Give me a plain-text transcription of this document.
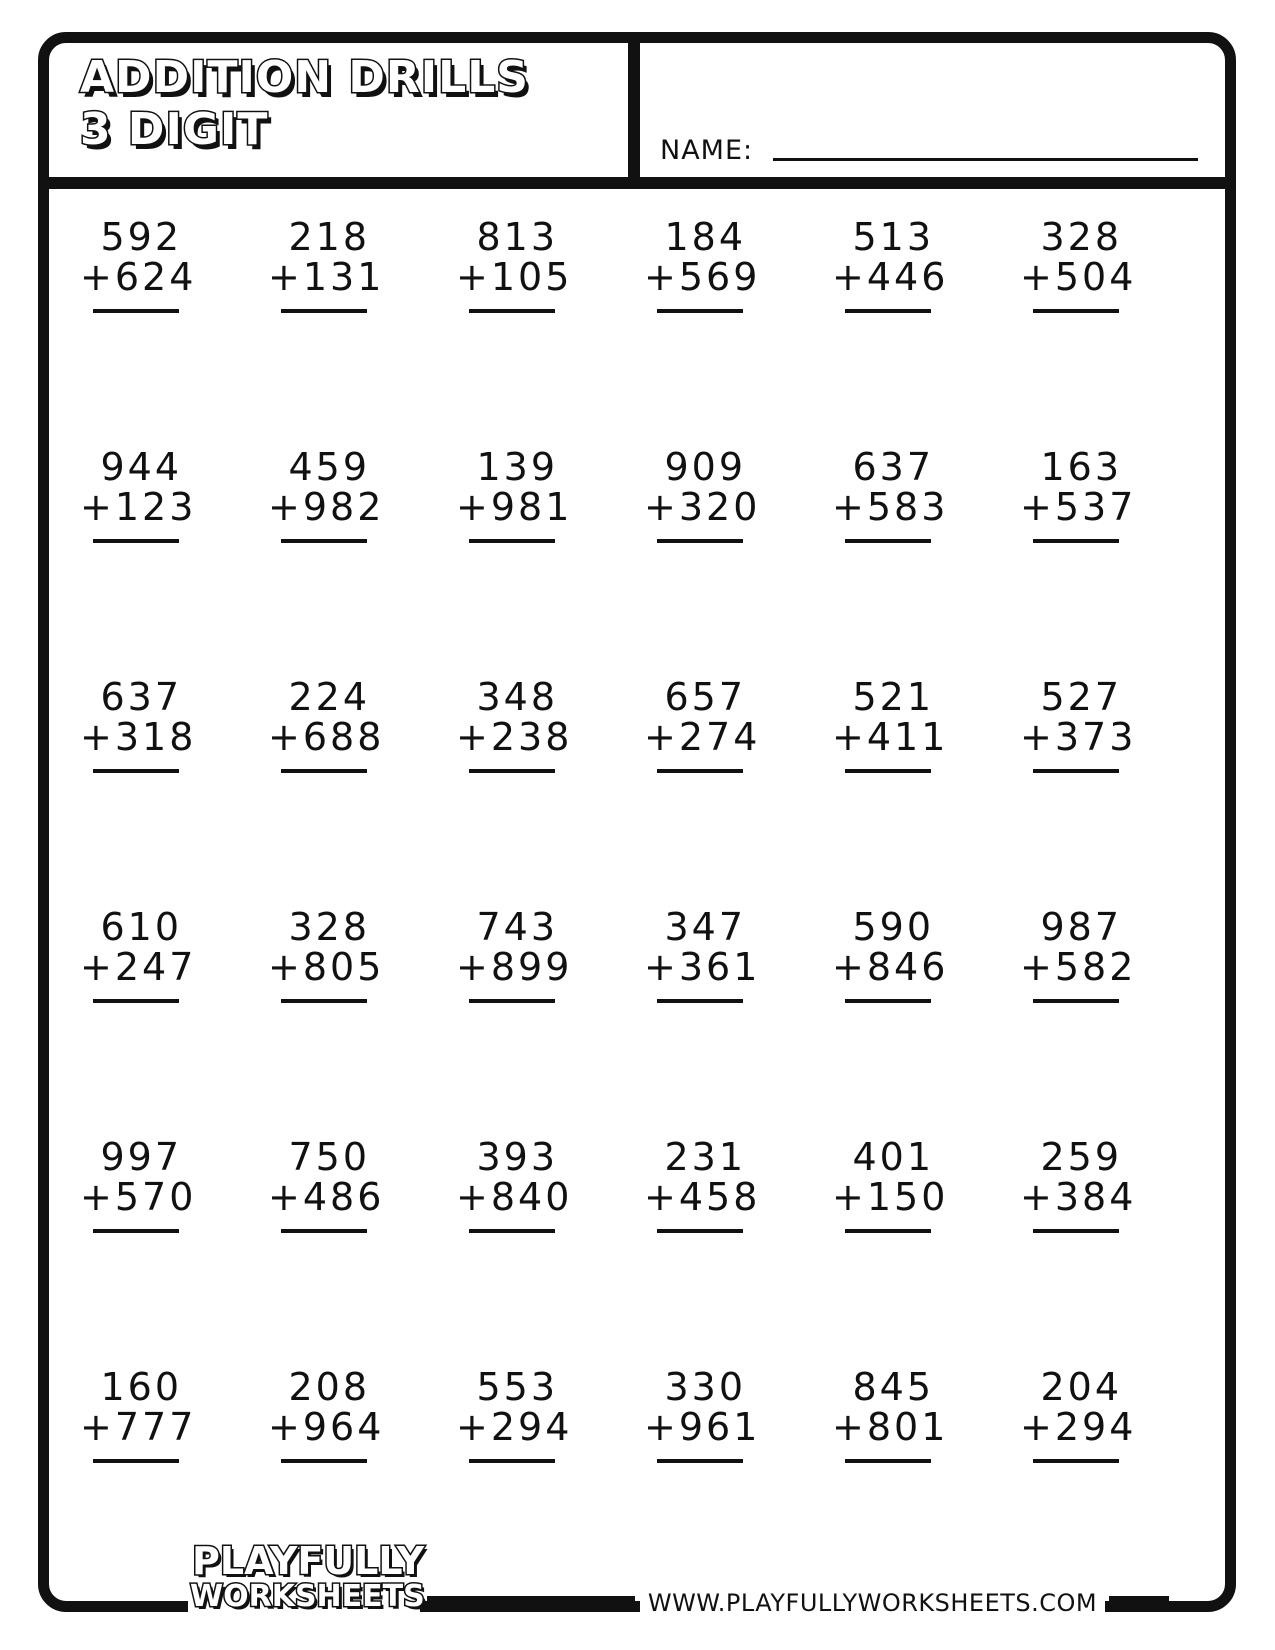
ADDITION DRILLS
3 DIGIT	NAME:
592
+624
218
+131
813
+105
184
+569
513
+446
328
+504
944
+123
459
+982
139
+981
909
+320
637
+583
163
+537
637
+318
224
+688
348
+238
657
+274
521
+411
527
+373
610
+247
328
+805
743
+899
347
+361
590
+846
987
+582
997
+570
750
+486
393
+840
231
+458
401
+150
259
+384
160
+777
208
+964
553
+294
330
+961
845
+801
204
+294
WWW.PLAYFULLYWORKSHEETS.COM
PLAYFULLY
WORKSHEETS
